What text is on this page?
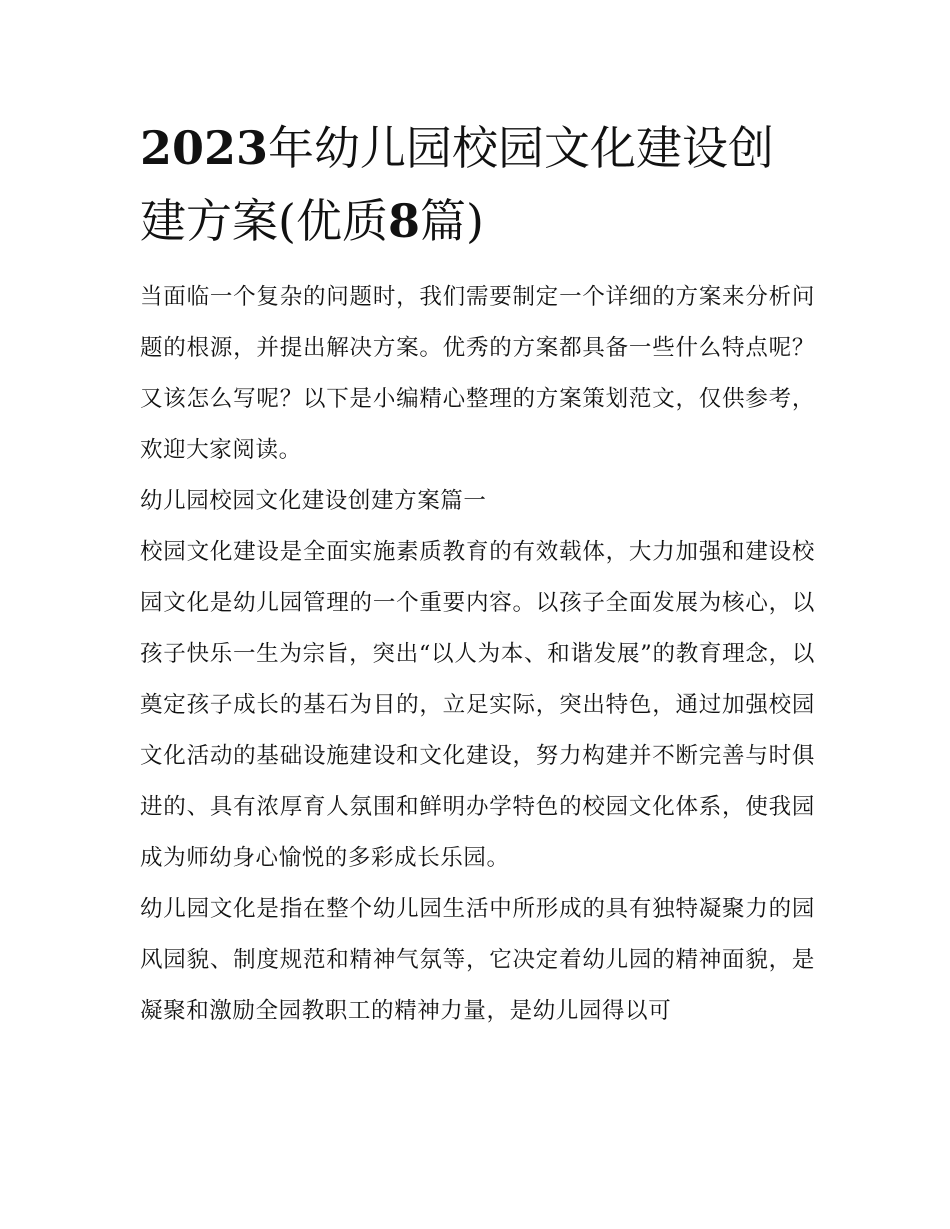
2023年幼儿园校园文化建设创建方案(优质8篇)

当面临一个复杂的问题时，我们需要制定一个详细的方案来分析问题的根源，并提出解决方案。优秀的方案都具备一些什么特点呢？又该怎么写呢？以下是小编精心整理的方案策划范文，仅供参考，欢迎大家阅读。

幼儿园校园文化建设创建方案篇一

校园文化建设是全面实施素质教育的有效载体，大力加强和建设校园文化是幼儿园管理的一个重要内容。以孩子全面发展为核心，以孩子快乐一生为宗旨，突出“以人为本、和谐发展”的教育理念，以奠定孩子成长的基石为目的，立足实际，突出特色，通过加强校园文化活动的基础设施建设和文化建设，努力构建并不断完善与时俱进的、具有浓厚育人氛围和鲜明办学特色的校园文化体系，使我园成为师幼身心愉悦的多彩成长乐园。

幼儿园文化是指在整个幼儿园生活中所形成的具有独特凝聚力的园风园貌、制度规范和精神气氛等，它决定着幼儿园的精神面貌，是凝聚和激励全园教职工的精神力量，是幼儿园得以可
